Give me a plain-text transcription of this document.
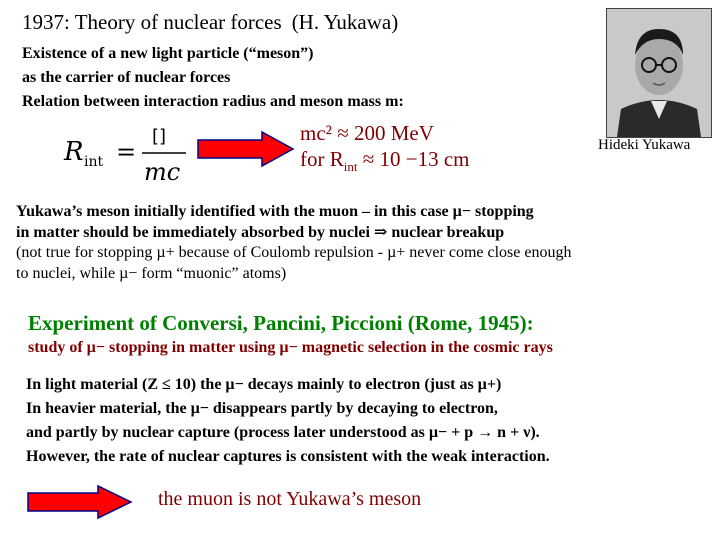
1937: Theory of nuclear forces (H. Yukawa)
Existence of a new light particle (“meson”)
as the carrier of nuclear forces
Relation between interaction radius and meson mass m:
R int =
[]
mc
mc² ≈ 200 MeV
for $R_{int} \approx 10 -13$ cm
Hideki Yukawa
Yukawa’s meson initially identified with the muon – in this case µ− stopping
in matter should be immediately absorbed by nuclei ⇒ nuclear breakup
(not true for stopping µ+ because of Coulomb repulsion - µ+ never come close enough
to nuclei, while µ− form “muonic” atoms)
Experiment of Conversi, Pancini, Piccioni (Rome, 1945):
study of µ− stopping in matter using µ− magnetic selection in the cosmic rays
In light material (Z ≤ 10) the µ− decays mainly to electron (just as µ+)
In heavier material, the µ− disappears partly by decaying to electron,
and partly by nuclear capture (process later understood as µ− + p → n + ν).
However, the rate of nuclear captures is consistent with the weak interaction.
the muon is not Yukawa’s meson
